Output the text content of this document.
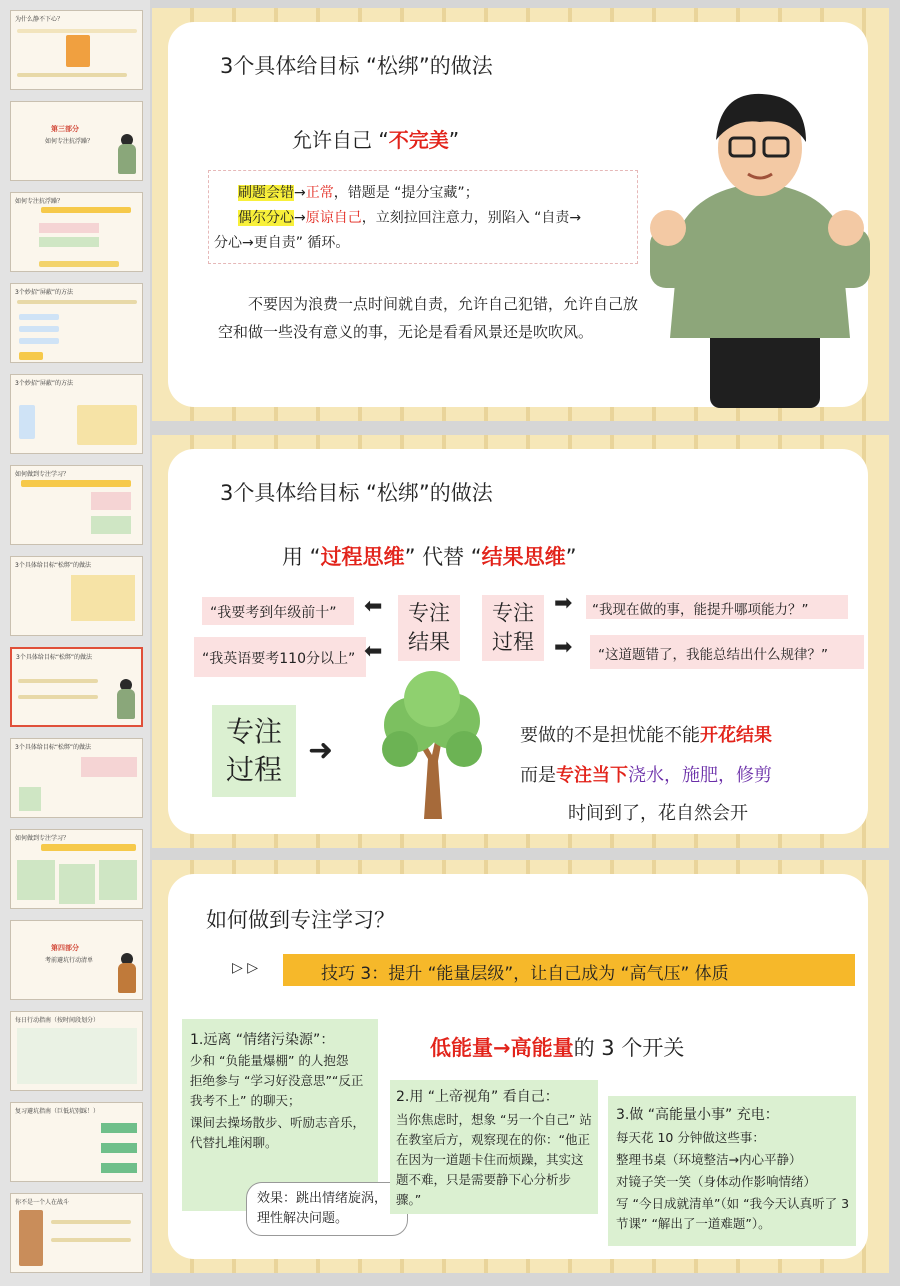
为什么静不下心？
第三部分
如何专注抗浮躁？
如何专注抗浮躁？
3个妙招“屏蔽”的方法
3个妙招“屏蔽”的方法
如何做到专注学习？
3个具体给目标“松绑”的做法
3个具体给目标“松绑”的做法
3个具体给目标“松绑”的做法
如何做到专注学习？
第四部分
考前避坑行动清单
每日行动指南（按时间段划分）
复习避坑指南（巨低坑别踩！）
你不是一个人在战斗
3个具体给目标 “松绑”的做法
允许自己 “不完美”
刷题会错→正常，错题是 “提分宝藏”；
偶尔分心→原谅自己，立刻拉回注意力，别陷入 “自责→
分心→更自责” 循环。
不要因为浪费一点时间就自责，允许自己犯错，允许自己放空和做一些没有意义的事，无论是看看风景还是吹吹风。
3个具体给目标 “松绑”的做法
用 “过程思维” 代替 “结果思维”
“我要考到年级前十”
“我英语要考110分以上”
⬅
⬅
专注结果
专注过程
➡
➡
“我现在做的事，能提升哪项能力？”
“这道题错了，我能总结出什么规律？”
专注过程
➜	要做的不是担忧能不能开花结果
而是专注当下浇水，施肥，修剪
时间到了，花自然会开
如何做到专注学习？
▷ ▷	技巧 3：提升 “能量层级”，让自己成为 “高气压” 体质
低能量→高能量的 3 个开关
1.远离 “情绪污染源”：
少和 “负能量爆棚” 的人抱怨
拒绝参与 “学习好没意思”“反正我考不上” 的聊天；
课间去操场散步、听励志音乐，代替扎堆闲聊。
效果：跳出情绪旋涡，理性解决问题。
2.用 “上帝视角” 看自己：
当你焦虑时，想象 “另一个自己” 站在教室后方，观察现在的你：“他正在因为一道题卡住而烦躁，其实这题不难，只是需要静下心分析步骤。”
3.做 “高能量小事” 充电：
每天花 10 分钟做这些事：
整理书桌（环境整洁→内心平静）
对镜子笑一笑（身体动作影响情绪）
写 “今日成就清单”（如 “我今天认真听了 3 节课” “解出了一道难题”）。
